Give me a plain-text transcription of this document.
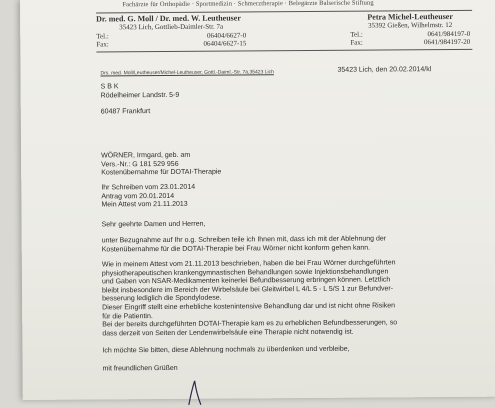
Fachärzte für Orthopädie · Sportmedizin · Schmerztherapie · Belegärzte Balserische Stiftung
Dr. med. G. Moll / Dr. med. W. Leutheuser
35423 Lich, Gottlieb-Daimler-Str. 7a
Tel.:	06404/6627-0
Fax:	06404/6627-15
Petra Michel-Leutheuser
35392 Gießen, Wilhelmstr. 12
Tel.:	0641/984197-0
Fax:	0641/984197-20
Drs. med. Moll/Leutheuser/Michel-Leutheuser, Gottl.-Daiml.-Str. 7a,35423 Lich	35423 Lich, den 20.02.2014/kl
S B K
Rödelheimer Landstr. 5-9
60487 Frankfurt
WÖRNER, Irmgard, geb. am
Vers.-Nr.: G 181 529 956
Kostenübernahme für DOTAI-Therapie
Ihr Schreiben vom 23.01.2014
Antrag vom 20.01.2014
Mein Attest vom 21.11.2013
Sehr geehrte Damen und Herren,
unter Bezugnahme auf Ihr o.g. Schreiben teile ich Ihnen mit, dass ich mit der Ablehnung der
Kostenübernahme für die DOTAI-Therapie bei Frau Wörner nicht konform gehen kann.
Wie in meinem Attest vom 21.11.2013 beschrieben, haben die bei Frau Wörner durchgeführten
physiotherapeutischen krankengymnastischen Behandlungen sowie Injektionsbehandlungen
und Gaben von NSAR-Medikamenten keinerlei Befundbesserung erbringen können. Letztlich
bleibt insbesondere im Bereich der Wirbelsäule bei Gleitwirbel L 4/L 5 - L 5/S 1 zur Befundver-
besserung lediglich die Spondylodese.
Dieser Eingriff stellt eine erhebliche kostenintensive Behandlung dar und ist nicht ohne Risiken
für die Patientin.
Bei der bereits durchgeführten DOTAI-Therapie kam es zu erheblichen Befundbesserungen, so
dass derzeit von Seiten der Lendenwirbelsäule eine Therapie nicht notwendig ist.
Ich möchte Sie bitten, diese Ablehnung nochmals zu überdenken und verbleibe,
mit freundlichen Grüßen
